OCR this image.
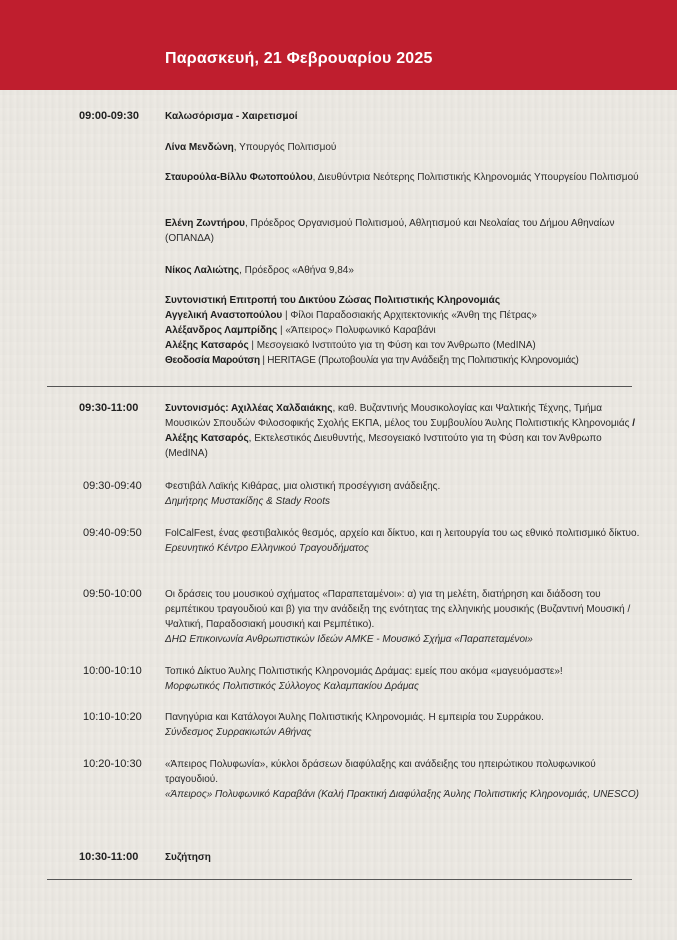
Παρασκευή, 21 Φεβρουαρίου 2025
09:00-09:30	Καλωσόρισμα - Χαιρετισμοί
Λίνα Μενδώνη, Υπουργός Πολιτισμού
Σταυρούλα-Βίλλυ Φωτοπούλου, Διευθύντρια Νεότερης Πολιτιστικής Κληρονομιάς Υπουργείου Πολιτισμού
Ελένη Ζωντήρου, Πρόεδρος Οργανισμού Πολιτισμού, Αθλητισμού και Νεολαίας του Δήμου Αθηναίων (ΟΠΑΝΔΑ)
Νίκος Λαλιώτης, Πρόεδρος «Αθήνα 9,84»
Συντονιστική Επιτροπή του Δικτύου Ζώσας Πολιτιστικής Κληρονομιάς
Αγγελική Αναστοπούλου | Φίλοι Παραδοσιακής Αρχιτεκτονικής «Άνθη της Πέτρας»
Αλέξανδρος Λαμπρίδης | «Άπειρος» Πολυφωνικό Καραβάνι
Αλέξης Κατσαρός | Μεσογειακό Ινστιτούτο για τη Φύση και τον Άνθρωπο (MedINA)
Θεοδοσία Μαρούτση | HERITAGE (Πρωτοβουλία για την Ανάδειξη της Πολιτιστικής Κληρονομιάς)
09:30-11:00	Συντονισμός: Αχιλλέας Χαλδαιάκης, καθ. Βυζαντινής Μουσικολογίας και Ψαλτικής Τέχνης, Τμήμα Μουσικών Σπουδών Φιλοσοφικής Σχολής ΕΚΠΑ, μέλος του Συμβουλίου Άυλης Πολιτιστικής Κληρονομιάς / Αλέξης Κατσαρός, Εκτελεστικός Διευθυντής, Μεσογειακό Ινστιτούτο για τη Φύση και τον Άνθρωπο (MedINA)
09:30-09:40 Φεστιβάλ Λαϊκής Κιθάρας, μια ολιστική προσέγγιση ανάδειξης.
Δημήτρης Μυστακίδης & Stady Roots
09:40-09:50 FolCalFest, ένας φεστιβαλικός θεσμός, αρχείο και δίκτυο, και η λειτουργία του ως εθνικό πολιτισμικό δίκτυο.
Ερευνητικό Κέντρο Ελληνικού Τραγουδήματος
09:50-10:00 Οι δράσεις του μουσικού σχήματος «Παραπεταμένοι»: α) για τη μελέτη, διατήρηση και διάδοση του ρεμπέτικου τραγουδιού και β) για την ανάδειξη της ενότητας της ελληνικής μουσικής (Βυζαντινή Μουσική / Ψαλτική, Παραδοσιακή μουσική και Ρεμπέτικο).
ΔΗΩ Επικοινωνία Ανθρωπιστικών Ιδεών ΑΜΚΕ - Μουσικό Σχήμα «Παραπεταμένοι»
10:00-10:10 Τοπικό Δίκτυο Άυλης Πολιτιστικής Κληρονομιάς Δράμας: εμείς που ακόμα «μαγευόμαστε»!
Μορφωτικός Πολιτιστικός Σύλλογος Καλαμπακίου Δράμας
10:10-10:20 Πανηγύρια και Κατάλογοι Άυλης Πολιτιστικής Κληρονομιάς. Η εμπειρία του Συρράκου.
Σύνδεσμος Συρρακιωτών Αθήνας
10:20-10:30 «Άπειρος Πολυφωνία», κύκλοι δράσεων διαφύλαξης και ανάδειξης του ηπειρώτικου πολυφωνικού τραγουδιού.
«Άπειρος» Πολυφωνικό Καραβάνι (Καλή Πρακτική Διαφύλαξης Άυλης Πολιτιστικής Κληρονομιάς, UNESCO)
10:30-11:00	Συζήτηση
